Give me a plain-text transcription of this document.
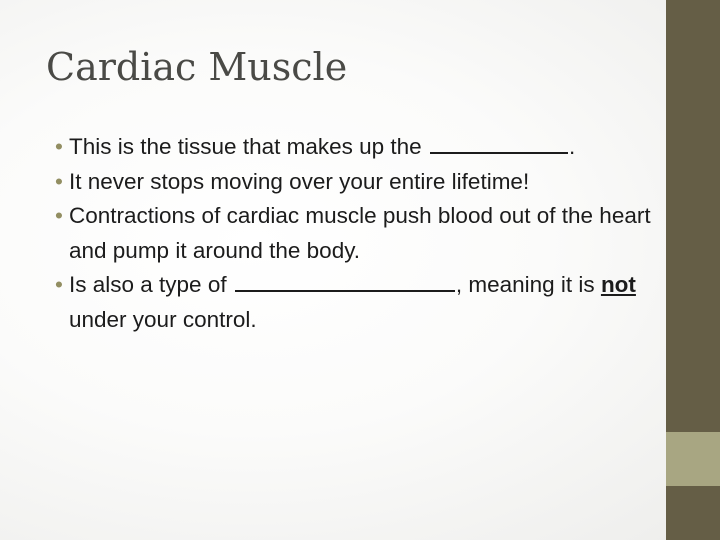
Cardiac Muscle
• This is the tissue that makes up the	.
• It never stops moving over your entire lifetime!
• Contractions of cardiac muscle push blood out of the heart and pump it around the body.
• Is also a type of	, meaning it is not under your control.
